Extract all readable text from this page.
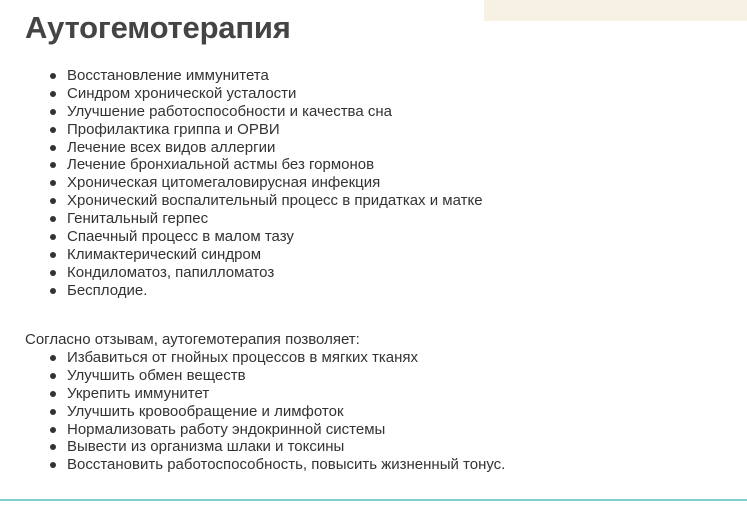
Аутогемотерапия
Восстановление иммунитета
Синдром хронической усталости
Улучшение работоспособности и качества сна
Профилактика гриппа и ОРВИ
Лечение всех видов аллергии
Лечение бронхиальной астмы без гормонов
Хроническая цитомегаловирусная инфекция
Хронический воспалительный процесс в придатках и матке
Генитальный герпес
Спаечный процесс в малом тазу
Климактерический синдром
Кондиломатоз, папилломатоз
Бесплодие.

Согласно отзывам, аутогемотерапия позволяет:

Избавиться от гнойных процессов в мягких тканях
Улучшить обмен веществ
Укрепить иммунитет
Улучшить кровообращение и лимфоток
Нормализовать работу эндокринной системы
Вывести из организма шлаки и токсины
Восстановить работоспособность, повысить жизненный тонус.
